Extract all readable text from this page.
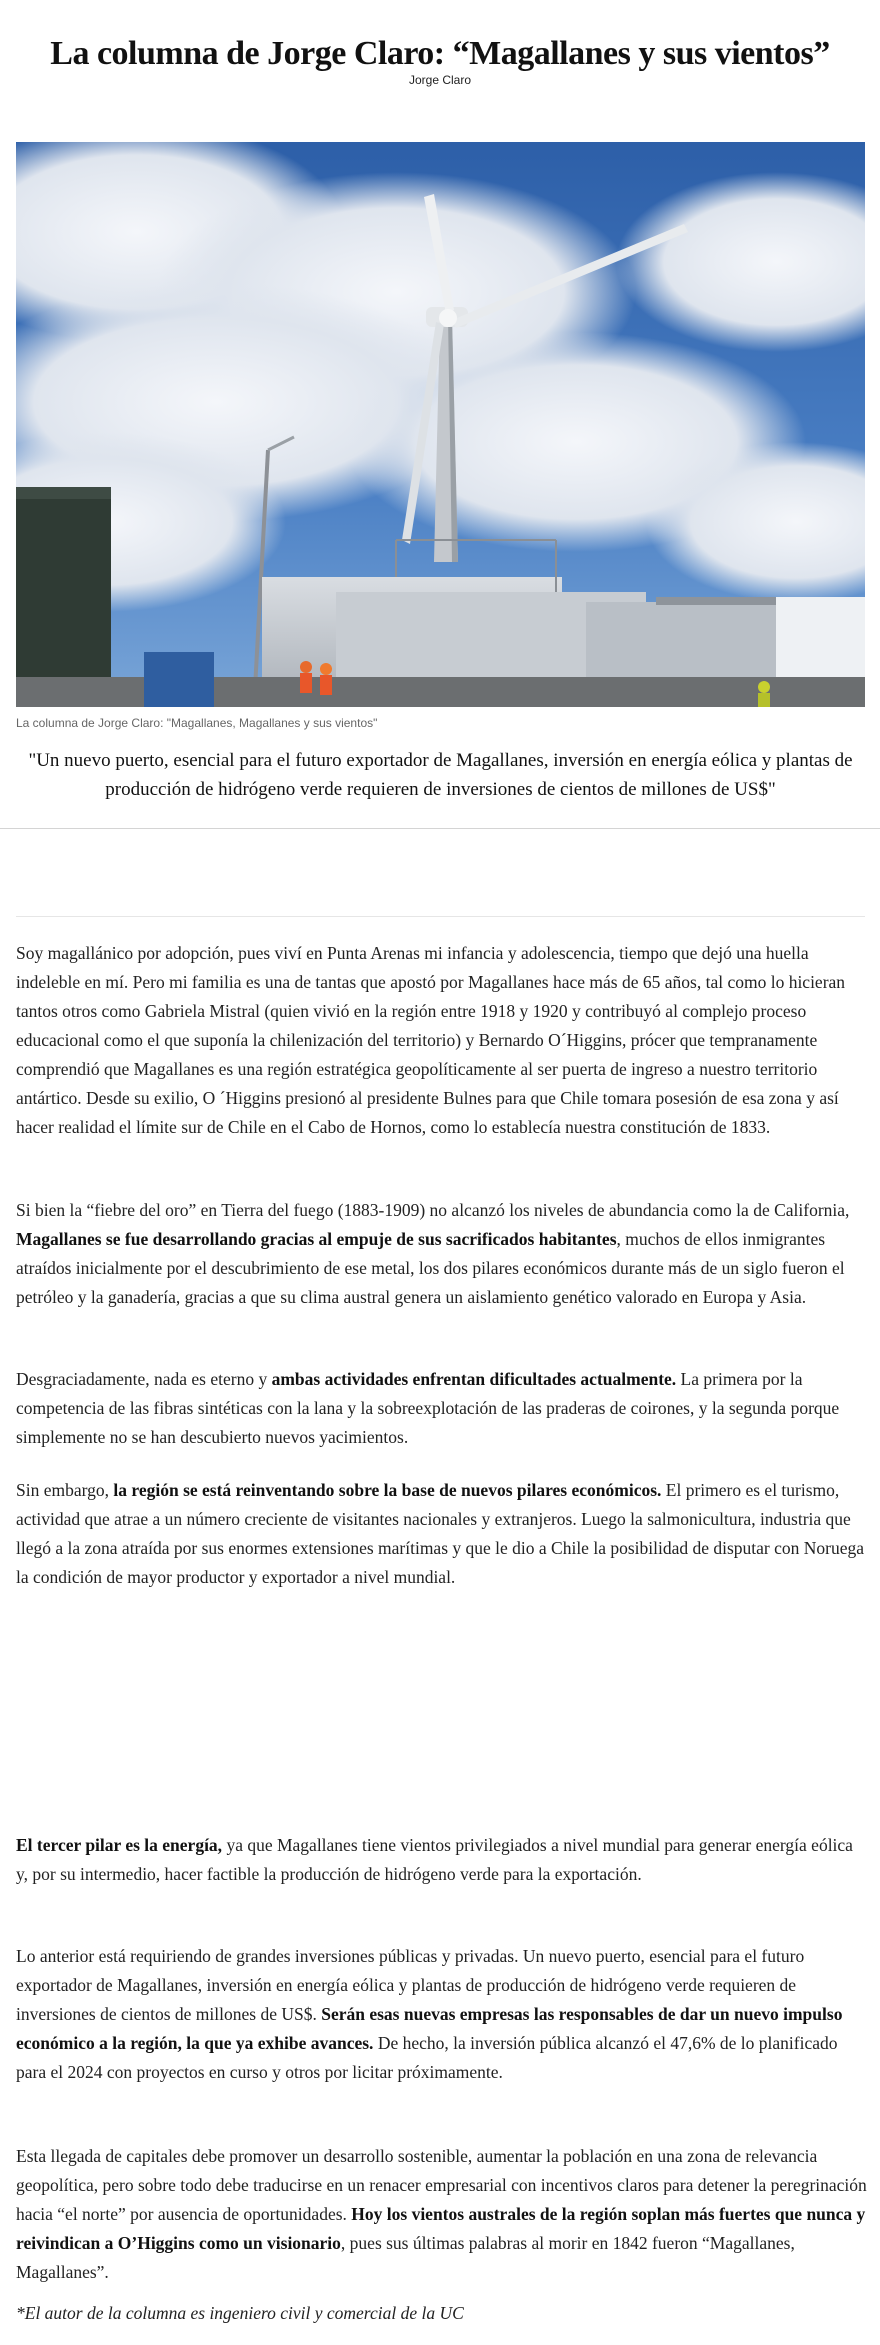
La columna de Jorge Claro: “Magallanes y sus vientos”
Jorge Claro
La columna de Jorge Claro: "Magallanes, Magallanes y sus vientos"
"Un nuevo puerto, esencial para el futuro exportador de Magallanes, inversión en energía eólica y plantas de producción de hidrógeno verde requieren de inversiones de cientos de millones de US$"

Soy magallánico por adopción, pues viví en Punta Arenas mi infancia y adolescencia, tiempo que dejó una huella indeleble en mí. Pero mi familia es una de tantas que apostó por Magallanes hace más de 65 años, tal como lo hicieran tantos otros como Gabriela Mistral (quien vivió en la región entre 1918 y 1920 y contribuyó al complejo proceso educacional como el que suponía la chilenización del territorio) y Bernardo O´Higgins, prócer que tempranamente comprendió que Magallanes es una región estratégica geopolíticamente al ser puerta de ingreso a nuestro territorio antártico. Desde su exilio, O ´Higgins presionó al presidente Bulnes para que Chile tomara posesión de esa zona y así hacer realidad el límite sur de Chile en el Cabo de Hornos, como lo establecía nuestra constitución de 1833.

Si bien la “fiebre del oro” en Tierra del fuego (1883-1909) no alcanzó los niveles de abundancia como la de California, Magallanes se fue desarrollando gracias al empuje de sus sacrificados habitantes, muchos de ellos inmigrantes atraídos inicialmente por el descubrimiento de ese metal, los dos pilares económicos durante más de un siglo fueron el petróleo y la ganadería, gracias a que su clima austral genera un aislamiento genético valorado en Europa y Asia.

Desgraciadamente, nada es eterno y ambas actividades enfrentan dificultades actualmente. La primera por la competencia de las fibras sintéticas con la lana y la sobreexplotación de las praderas de coirones, y la segunda porque simplemente no se han descubierto nuevos yacimientos.

Sin embargo, la región se está reinventando sobre la base de nuevos pilares económicos. El primero es el turismo, actividad que atrae a un número creciente de visitantes nacionales y extranjeros. Luego la salmonicultura, industria que llegó a la zona atraída por sus enormes extensiones marítimas y que le dio a Chile la posibilidad de disputar con Noruega la condición de mayor productor y exportador a nivel mundial.

El tercer pilar es la energía, ya que Magallanes tiene vientos privilegiados a nivel mundial para generar energía eólica y, por su intermedio, hacer factible la producción de hidrógeno verde para la exportación.

Lo anterior está requiriendo de grandes inversiones públicas y privadas. Un nuevo puerto, esencial para el futuro exportador de Magallanes, inversión en energía eólica y plantas de producción de hidrógeno verde requieren de inversiones de cientos de millones de US$. Serán esas nuevas empresas las responsables de dar un nuevo impulso económico a la región, la que ya exhibe avances. De hecho, la inversión pública alcanzó el 47,6% de lo planificado para el 2024 con proyectos en curso y otros por licitar próximamente.

Esta llegada de capitales debe promover un desarrollo sostenible, aumentar la población en una zona de relevancia geopolítica, pero sobre todo debe traducirse en un renacer empresarial con incentivos claros para detener la peregrinación hacia “el norte” por ausencia de oportunidades. Hoy los vientos australes de la región soplan más fuertes que nunca y reivindican a O’Higgins como un visionario, pues sus últimas palabras al morir en 1842 fueron “Magallanes, Magallanes”.

*El autor de la columna es ingeniero civil y comercial de la UC
